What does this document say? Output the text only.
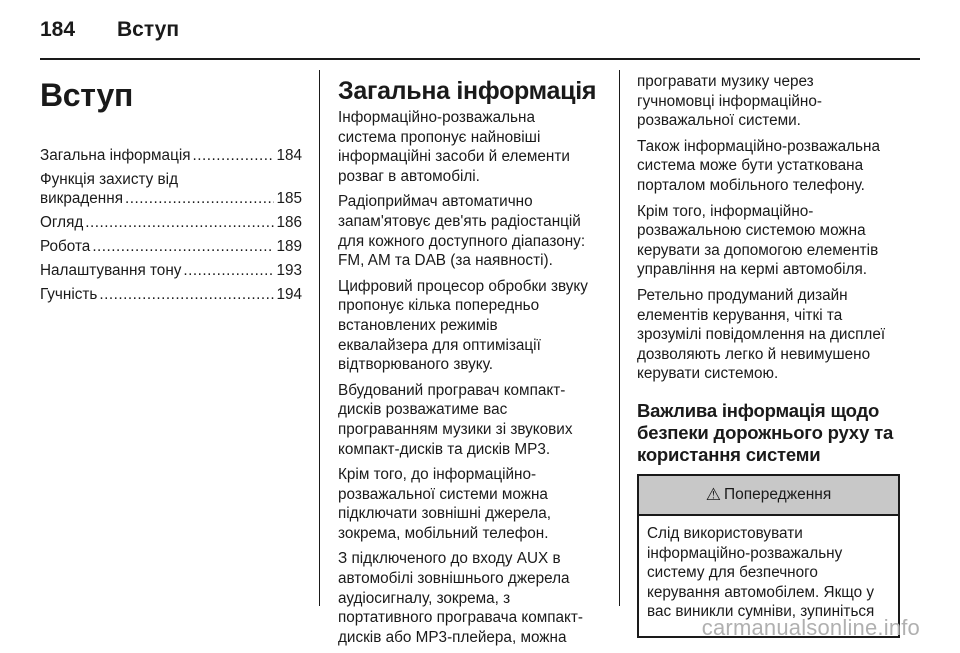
184 Вступ
Вступ
Загальна інформація .....	184
Функція захисту від
викрадення .....	185
Огляд .....	186
Робота .....	189
Налаштування тону .....	193
Гучність .....	194
Загальна інформація

Інформаційно-розважальна
система пропонує найновіші
інформаційні засоби й елементи
розваг в автомобілі.

Радіоприймач автоматично
запам'ятовує дев'ять радіостанцій
для кожного доступного діапазону:
FM, AM та DAB (за наявності).

Цифровий процесор обробки звуку
пропонує кілька попередньо
встановлених режимів
еквалайзера для оптимізації
відтворюваного звуку.

Вбудований програвач компакт-
дисків розважатиме вас
програванням музики зі звукових
компакт-дисків та дисків MP3.

Крім того, до інформаційно-
розважальної системи можна
підключати зовнішні джерела,
зокрема, мобільний телефон.

З підключеного до входу AUX в
автомобілі зовнішнього джерела
аудіосигналу, зокрема, з
портативного програвача компакт-
дисків або MP3-плейера, можна

програвати музику через
гучномовці інформаційно-
розважальної системи.

Також інформаційно-розважальна
система може бути устаткована
порталом мобільного телефону.

Крім того, інформаційно-
розважальною системою можна
керувати за допомогою елементів
управління на кермі автомобіля.

Ретельно продуманий дизайн
елементів керування, чіткі та
зрозумілі повідомлення на дисплеї
дозволяють легко й невимушено
керувати системою.

Важлива інформація щодо
безпеки дорожнього руху та
користання системи
⚠ Попередження
Слід використовувати
інформаційно-розважальну
систему для безпечного
керування автомобілем. Якщо у
вас виникли сумніви, зупиніться
carmanualsonline.info
